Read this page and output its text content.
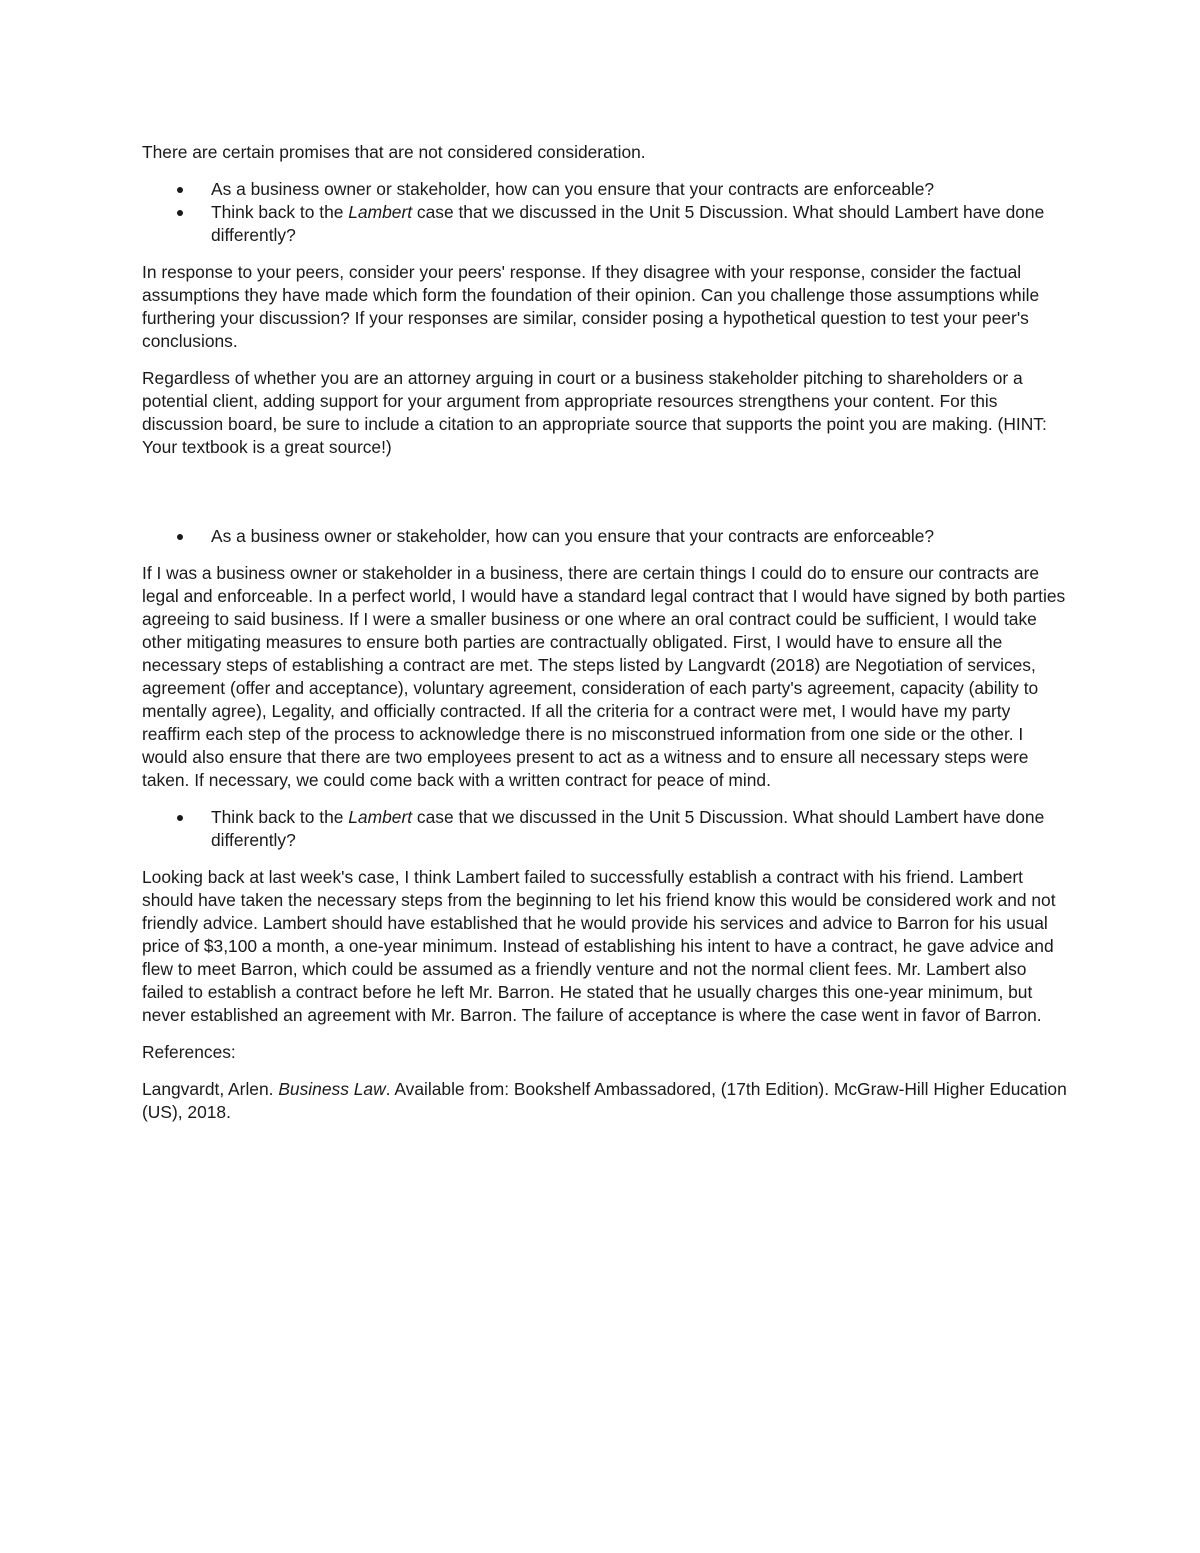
There are certain promises that are not considered consideration.

As a business owner or stakeholder, how can you ensure that your contracts are enforceable?
Think back to the Lambert case that we discussed in the Unit 5 Discussion. What should Lambert have done differently?

In response to your peers, consider your peers' response. If they disagree with your response, consider the factual assumptions they have made which form the foundation of their opinion. Can you challenge those assumptions while furthering your discussion? If your responses are similar, consider posing a hypothetical question to test your peer's conclusions.

Regardless of whether you are an attorney arguing in court or a business stakeholder pitching to shareholders or a potential client, adding support for your argument from appropriate resources strengthens your content. For this discussion board, be sure to include a citation to an appropriate source that supports the point you are making. (HINT: Your textbook is a great source!)

As a business owner or stakeholder, how can you ensure that your contracts are enforceable?

If I was a business owner or stakeholder in a business, there are certain things I could do to ensure our contracts are legal and enforceable. In a perfect world, I would have a standard legal contract that I would have signed by both parties agreeing to said business. If I were a smaller business or one where an oral contract could be sufficient, I would take other mitigating measures to ensure both parties are contractually obligated. First, I would have to ensure all the necessary steps of establishing a contract are met. The steps listed by Langvardt (2018) are Negotiation of services, agreement (offer and acceptance), voluntary agreement, consideration of each party's agreement, capacity (ability to mentally agree), Legality, and officially contracted. If all the criteria for a contract were met, I would have my party reaffirm each step of the process to acknowledge there is no misconstrued information from one side or the other. I would also ensure that there are two employees present to act as a witness and to ensure all necessary steps were taken. If necessary, we could come back with a written contract for peace of mind.

Think back to the Lambert case that we discussed in the Unit 5 Discussion. What should Lambert have done differently?

Looking back at last week's case, I think Lambert failed to successfully establish a contract with his friend. Lambert should have taken the necessary steps from the beginning to let his friend know this would be considered work and not friendly advice. Lambert should have established that he would provide his services and advice to Barron for his usual price of $3,100 a month, a one-year minimum. Instead of establishing his intent to have a contract, he gave advice and flew to meet Barron, which could be assumed as a friendly venture and not the normal client fees. Mr. Lambert also failed to establish a contract before he left Mr. Barron. He stated that he usually charges this one-year minimum, but never established an agreement with Mr. Barron. The failure of acceptance is where the case went in favor of Barron.

References:

Langvardt, Arlen. Business Law. Available from: Bookshelf Ambassadored, (17th Edition). McGraw-Hill Higher Education (US), 2018.
